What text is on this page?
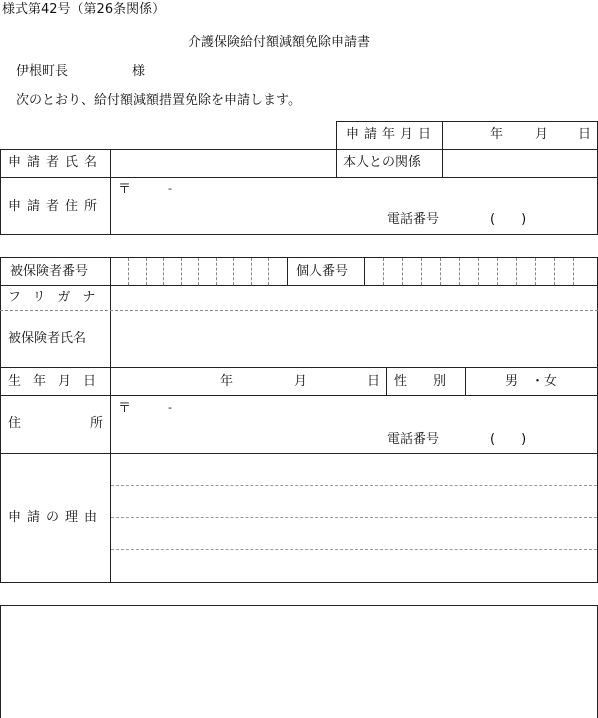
様式第42号（第26条関係）
介護保険給付額減額免除申請書
伊根町長	様
次のとおり、給付額減額措置免除を申請します。
申請年月日	年 月 日
申請者氏名	本人との関係
申請者住所
〒	-
電話番号	(　　)
被保険者番号	個人番号
フリガナ
被保険者氏名
生年月日	年	月	日 性　　別	男　・女
住	所
〒	-
電話番号	(　　)
申請の理由
